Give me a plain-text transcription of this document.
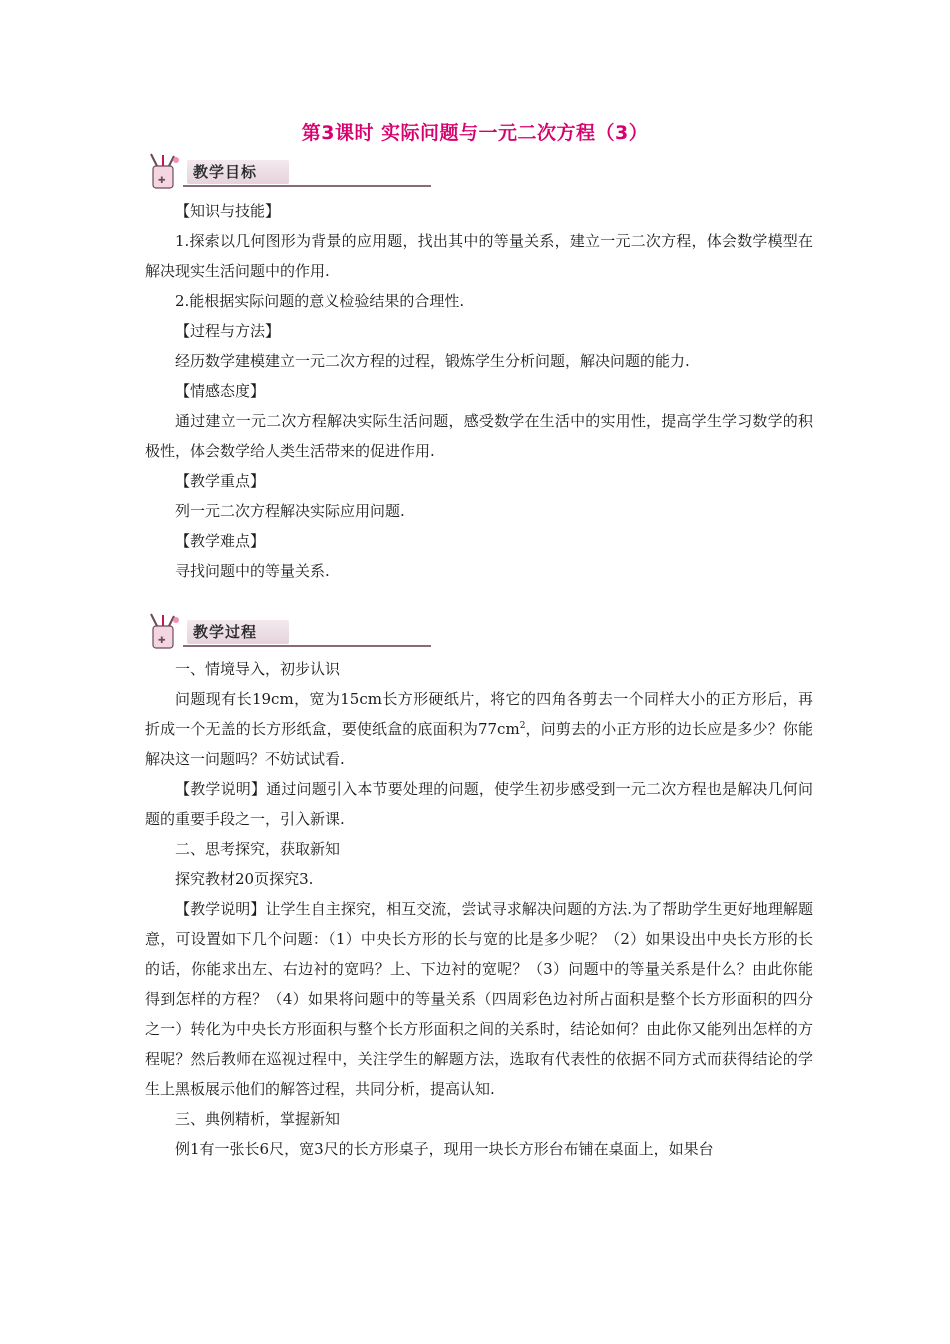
第3课时 实际问题与一元二次方程（3）
✚	教学目标

【知识与技能】

1.探索以几何图形为背景的应用题，找出其中的等量关系，建立一元二次方程，体会数学模型在解决现实生活问题中的作用.

2.能根据实际问题的意义检验结果的合理性.

【过程与方法】

经历数学建模建立一元二次方程的过程，锻炼学生分析问题，解决问题的能力.

【情感态度】

通过建立一元二次方程解决实际生活问题，感受数学在生活中的实用性，提高学生学习数学的积极性，体会数学给人类生活带来的促进作用.

【教学重点】

列一元二次方程解决实际应用问题.

【教学难点】

寻找问题中的等量关系.

✚	教学过程

一、情境导入，初步认识

问题现有长19cm，宽为15cm长方形硬纸片，将它的四角各剪去一个同样大小的正方形后，再折成一个无盖的长方形纸盒，要使纸盒的底面积为$77cm^2$，问剪去的小正方形的边长应是多少？你能解决这一问题吗？不妨试试看.

【教学说明】通过问题引入本节要处理的问题，使学生初步感受到一元二次方程也是解决几何问题的重要手段之一，引入新课.

二、思考探究，获取新知

探究教材20页探究3.

【教学说明】让学生自主探究，相互交流，尝试寻求解决问题的方法.为了帮助学生更好地理解题意，可设置如下几个问题：（1）中央长方形的长与宽的比是多少呢？（2）如果设出中央长方形的长的话，你能求出左、右边衬的宽吗？上、下边衬的宽呢？（3）问题中的等量关系是什么？由此你能得到怎样的方程？（4）如果将问题中的等量关系（四周彩色边衬所占面积是整个长方形面积的四分之一）转化为中央长方形面积与整个长方形面积之间的关系时，结论如何？由此你又能列出怎样的方程呢？然后教师在巡视过程中，关注学生的解题方法，选取有代表性的依据不同方式而获得结论的学生上黑板展示他们的解答过程，共同分析，提高认知.

三、典例精析，掌握新知

例1有一张长6尺，宽3尺的长方形桌子，现用一块长方形台布铺在桌面上，如果台
